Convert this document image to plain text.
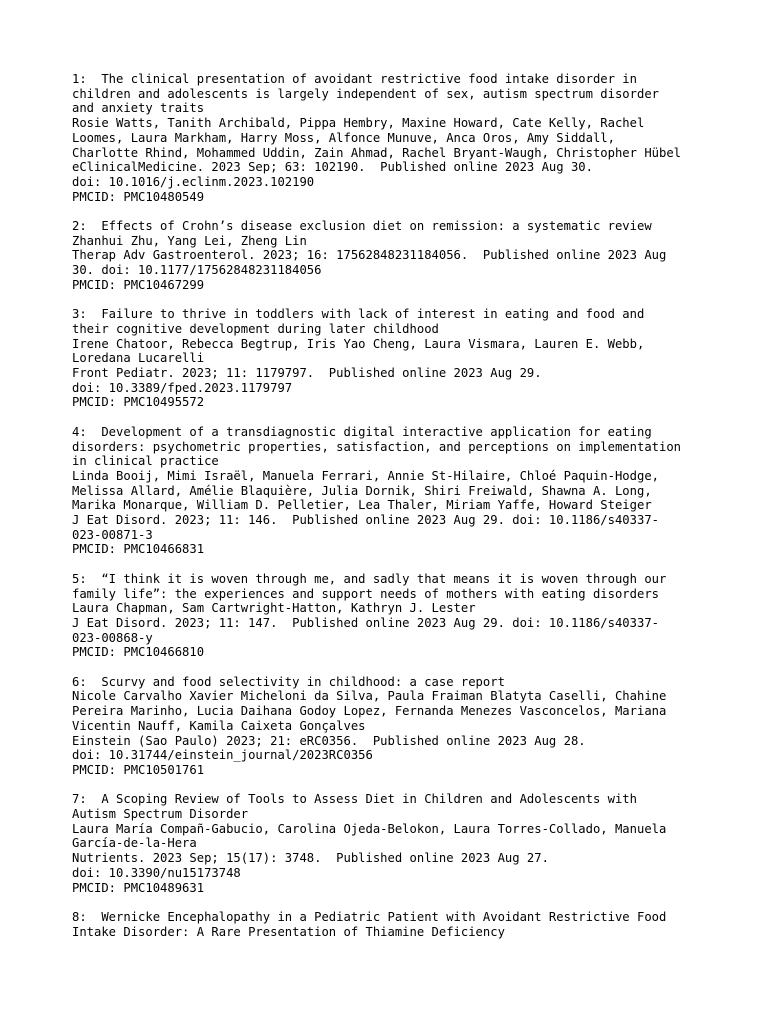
1:  The clinical presentation of avoidant restrictive food intake disorder in
children and adolescents is largely independent of sex, autism spectrum disorder
and anxiety traits
Rosie Watts, Tanith Archibald, Pippa Hembry, Maxine Howard, Cate Kelly, Rachel
Loomes, Laura Markham, Harry Moss, Alfonce Munuve, Anca Oros, Amy Siddall,
Charlotte Rhind, Mohammed Uddin, Zain Ahmad, Rachel Bryant-Waugh, Christopher Hübel
eClinicalMedicine. 2023 Sep; 63: 102190.  Published online 2023 Aug 30.
doi: 10.1016/j.eclinm.2023.102190
PMCID: PMC10480549
2:  Effects of Crohn’s disease exclusion diet on remission: a systematic review
Zhanhui Zhu, Yang Lei, Zheng Lin
Therap Adv Gastroenterol. 2023; 16: 17562848231184056.  Published online 2023 Aug
30. doi: 10.1177/17562848231184056
PMCID: PMC10467299
3:  Failure to thrive in toddlers with lack of interest in eating and food and
their cognitive development during later childhood
Irene Chatoor, Rebecca Begtrup, Iris Yao Cheng, Laura Vismara, Lauren E. Webb,
Loredana Lucarelli
Front Pediatr. 2023; 11: 1179797.  Published online 2023 Aug 29.
doi: 10.3389/fped.2023.1179797
PMCID: PMC10495572
4:  Development of a transdiagnostic digital interactive application for eating
disorders: psychometric properties, satisfaction, and perceptions on implementation
in clinical practice
Linda Booij, Mimi Israël, Manuela Ferrari, Annie St-Hilaire, Chloé Paquin-Hodge,
Melissa Allard, Amélie Blaquière, Julia Dornik, Shiri Freiwald, Shawna A. Long,
Marika Monarque, William D. Pelletier, Lea Thaler, Miriam Yaffe, Howard Steiger
J Eat Disord. 2023; 11: 146.  Published online 2023 Aug 29. doi: 10.1186/s40337-
023-00871-3
PMCID: PMC10466831
5:  “I think it is woven through me, and sadly that means it is woven through our
family life”: the experiences and support needs of mothers with eating disorders
Laura Chapman, Sam Cartwright-Hatton, Kathryn J. Lester
J Eat Disord. 2023; 11: 147.  Published online 2023 Aug 29. doi: 10.1186/s40337-
023-00868-y
PMCID: PMC10466810
6:  Scurvy and food selectivity in childhood: a case report
Nicole Carvalho Xavier Micheloni da Silva, Paula Fraiman Blatyta Caselli, Chahine
Pereira Marinho, Lucia Daihana Godoy Lopez, Fernanda Menezes Vasconcelos, Mariana
Vicentin Nauff, Kamila Caixeta Gonçalves
Einstein (Sao Paulo) 2023; 21: eRC0356.  Published online 2023 Aug 28.
doi: 10.31744/einstein_journal/2023RC0356
PMCID: PMC10501761
7:  A Scoping Review of Tools to Assess Diet in Children and Adolescents with
Autism Spectrum Disorder
Laura María Compañ-Gabucio, Carolina Ojeda-Belokon, Laura Torres-Collado, Manuela
García-de-la-Hera
Nutrients. 2023 Sep; 15(17): 3748.  Published online 2023 Aug 27.
doi: 10.3390/nu15173748
PMCID: PMC10489631
8:  Wernicke Encephalopathy in a Pediatric Patient with Avoidant Restrictive Food
Intake Disorder: A Rare Presentation of Thiamine Deficiency
